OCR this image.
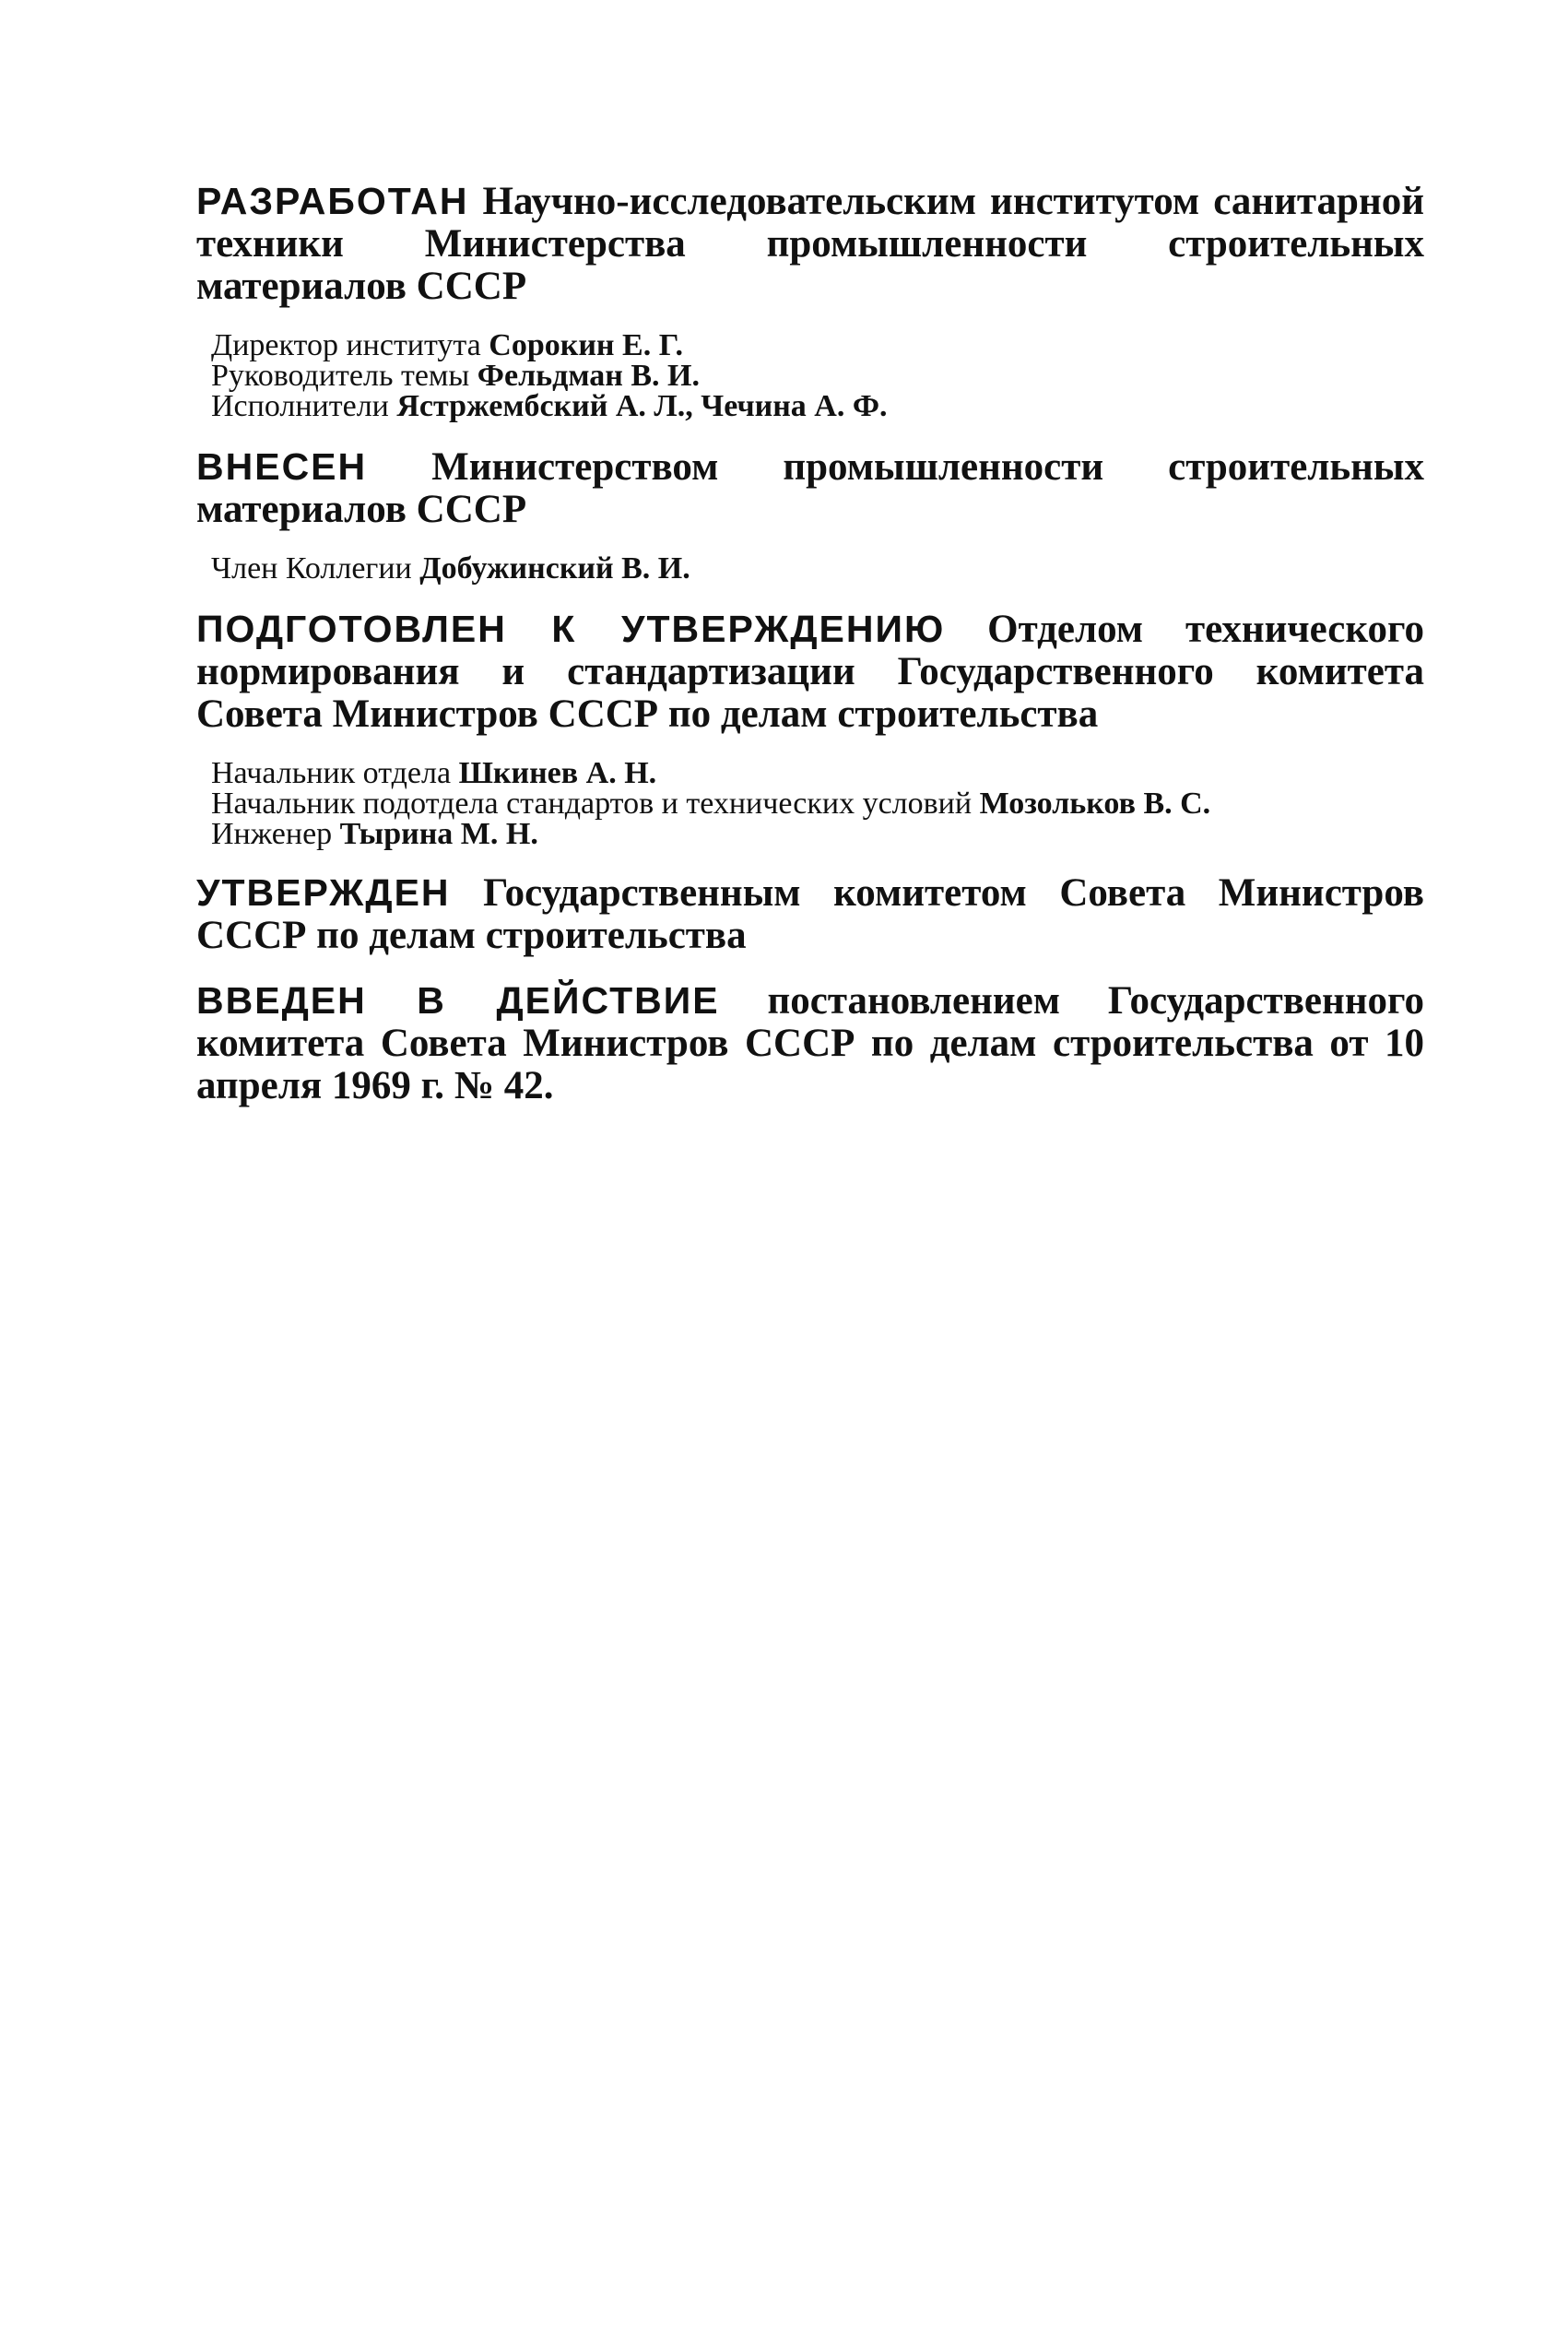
РАЗРАБОТАН Научно-исследовательским институтом санитарной техники Министерства промышленности строительных материалов СССР

Директор института Сорокин Е. Г.
Руководитель темы Фельдман В. И.
Исполнители Ястржембский А. Л., Чечина А. Ф.

ВНЕСЕН Министерством промышленности строительных материалов СССР

Член Коллегии Добужинский В. И.

ПОДГОТОВЛЕН К УТВЕРЖДЕНИЮ Отделом технического нормирования и стандартизации Государственного комитета Совета Министров СССР по делам строительства

Начальник отдела Шкинев А. Н.
Начальник подотдела стандартов и технических условий Мозольков В. С.
Инженер Тырина М. Н.

УТВЕРЖДЕН Государственным комитетом Совета Министров СССР по делам строительства

ВВЕДЕН В ДЕЙСТВИЕ постановлением Государственного комитета Совета Министров СССР по делам строительства от 10 апреля 1969 г. № 42.
